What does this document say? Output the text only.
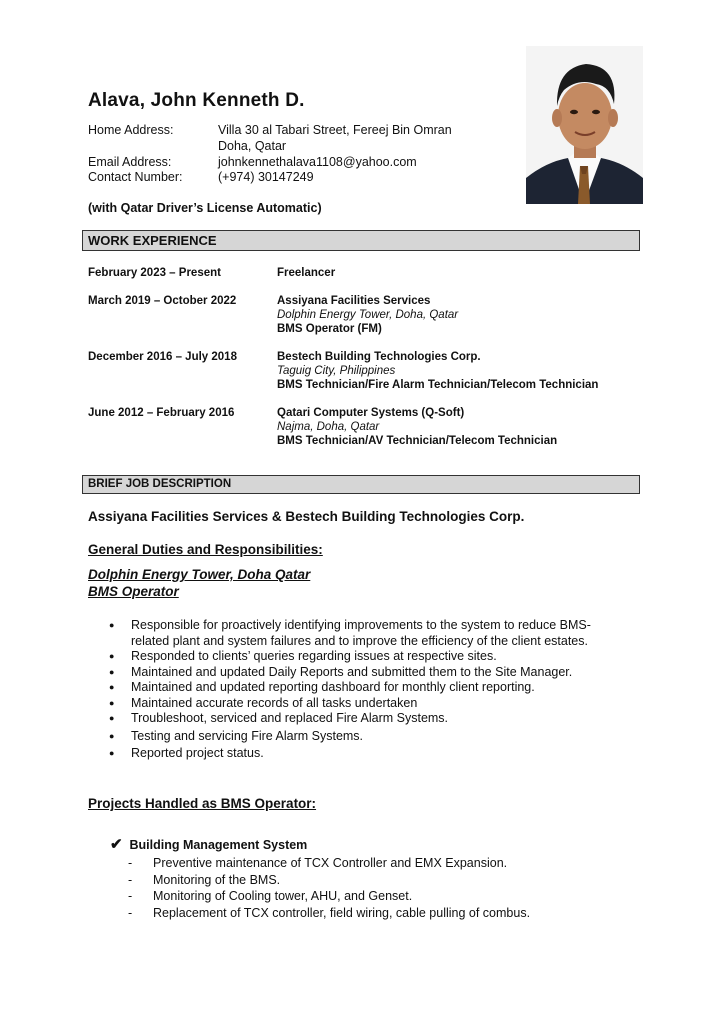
Alava, John Kenneth D.
Home Address:	Villa 30 al Tabari Street, Fereej Bin Omran
Doha, Qatar
Email Address:	johnkennethalava1108@yahoo.com
Contact Number:	(+974) 30147249
(with Qatar Driver’s License Automatic)
WORK EXPERIENCE
February 2023 – Present	Freelancer
March 2019 – October 2022	Assiyana Facilities Services
Dolphin Energy Tower, Doha, Qatar
BMS Operator (FM)
December 2016 – July 2018	Bestech Building Technologies Corp.
Taguig City, Philippines
BMS Technician/Fire Alarm Technician/Telecom Technician
June 2012 – February 2016	Qatari Computer Systems (Q-Soft)
Najma, Doha, Qatar
BMS Technician/AV Technician/Telecom Technician
BRIEF JOB DESCRIPTION
Assiyana Facilities Services & Bestech Building Technologies Corp.
General Duties and Responsibilities:
Dolphin Energy Tower, Doha Qatar
BMS Operator
● Responsible for proactively identifying improvements to the system to reduce BMS-related plant and system failures and to improve the efficiency of the client estates.
● Responded to clients’ queries regarding issues at respective sites.
● Maintained and updated Daily Reports and submitted them to the Site Manager.
● Maintained and updated reporting dashboard for monthly client reporting.
● Maintained accurate records of all tasks undertaken
● Troubleshoot, serviced and replaced Fire Alarm Systems.
● Testing and servicing Fire Alarm Systems.
● Reported project status.
Projects Handled as BMS Operator:
✔ Building Management System
- Preventive maintenance of TCX Controller and EMX Expansion.
- Monitoring of the BMS.
- Monitoring of Cooling tower, AHU, and Genset.
- Replacement of TCX controller, field wiring, cable pulling of combus.
